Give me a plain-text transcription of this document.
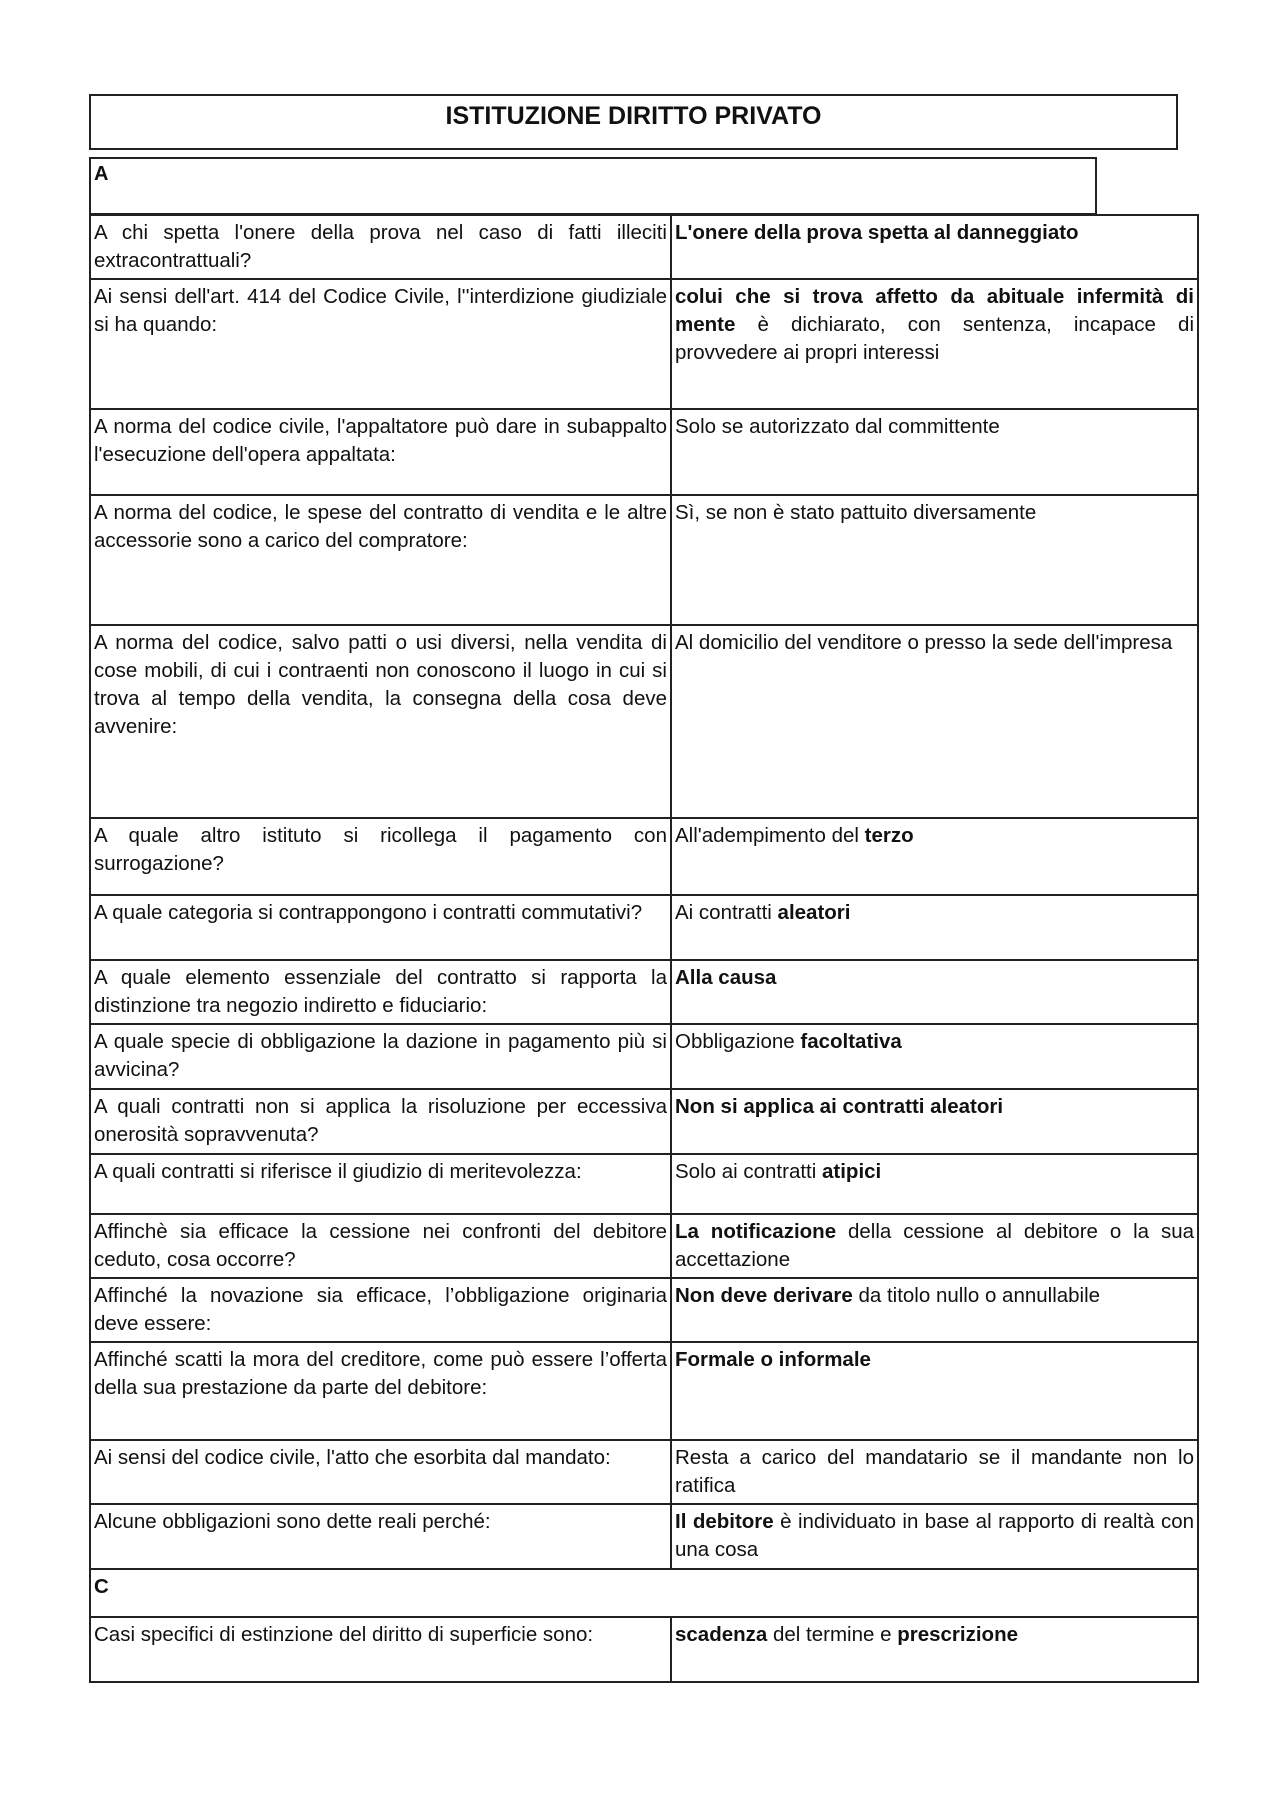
ISTITUZIONE DIRITTO PRIVATO
A
A chi spetta l'onere della prova nel caso di fatti illeciti extracontrattuali?	L'onere della prova spetta al danneggiato
Ai sensi dell'art. 414 del Codice Civile, l''interdizione giudiziale si ha quando:	colui che si trova affetto da abituale infermità di mente è dichiarato, con sentenza, incapace di provvedere ai propri interessi
A norma del codice civile, l'appaltatore può dare in subappalto l'esecuzione dell'opera appaltata:	Solo se autorizzato dal committente
A norma del codice, le spese del contratto di vendita e le altre accessorie sono a carico del compratore:	Sì, se non è stato pattuito diversamente
A norma del codice, salvo patti o usi diversi, nella vendita di cose mobili, di cui i contraenti non conoscono il luogo in cui si trova al tempo della vendita, la consegna della cosa deve avvenire:	Al domicilio del venditore o presso la sede dell'impresa
A quale altro istituto si ricollega il pagamento con surrogazione?	All'adempimento del terzo
A quale categoria si contrappongono i contratti commutativi?	Ai contratti aleatori
A quale elemento essenziale del contratto si rapporta la distinzione tra negozio indiretto e fiduciario:	Alla causa
A quale specie di obbligazione la dazione in pagamento più si avvicina?	Obbligazione facoltativa
A quali contratti non si applica la risoluzione per eccessiva onerosità sopravvenuta?	Non si applica ai contratti aleatori
A quali contratti si riferisce il giudizio di meritevolezza:	Solo ai contratti atipici
Affinchè sia efficace la cessione nei confronti del debitore ceduto, cosa occorre?	La notificazione della cessione al debitore o la sua accettazione
Affinché la novazione sia efficace, l’obbligazione originaria deve essere:	Non deve derivare da titolo nullo o annullabile
Affinché scatti la mora del creditore, come può essere l’offerta della sua prestazione da parte del debitore:	Formale o informale
Ai sensi del codice civile, l'atto che esorbita dal mandato:	Resta a carico del mandatario se il mandante non lo ratifica
Alcune obbligazioni sono dette reali perché:	Il debitore è individuato in base al rapporto di realtà con una cosa
C	
Casi specifici di estinzione del diritto di superficie sono:	scadenza del termine e prescrizione
